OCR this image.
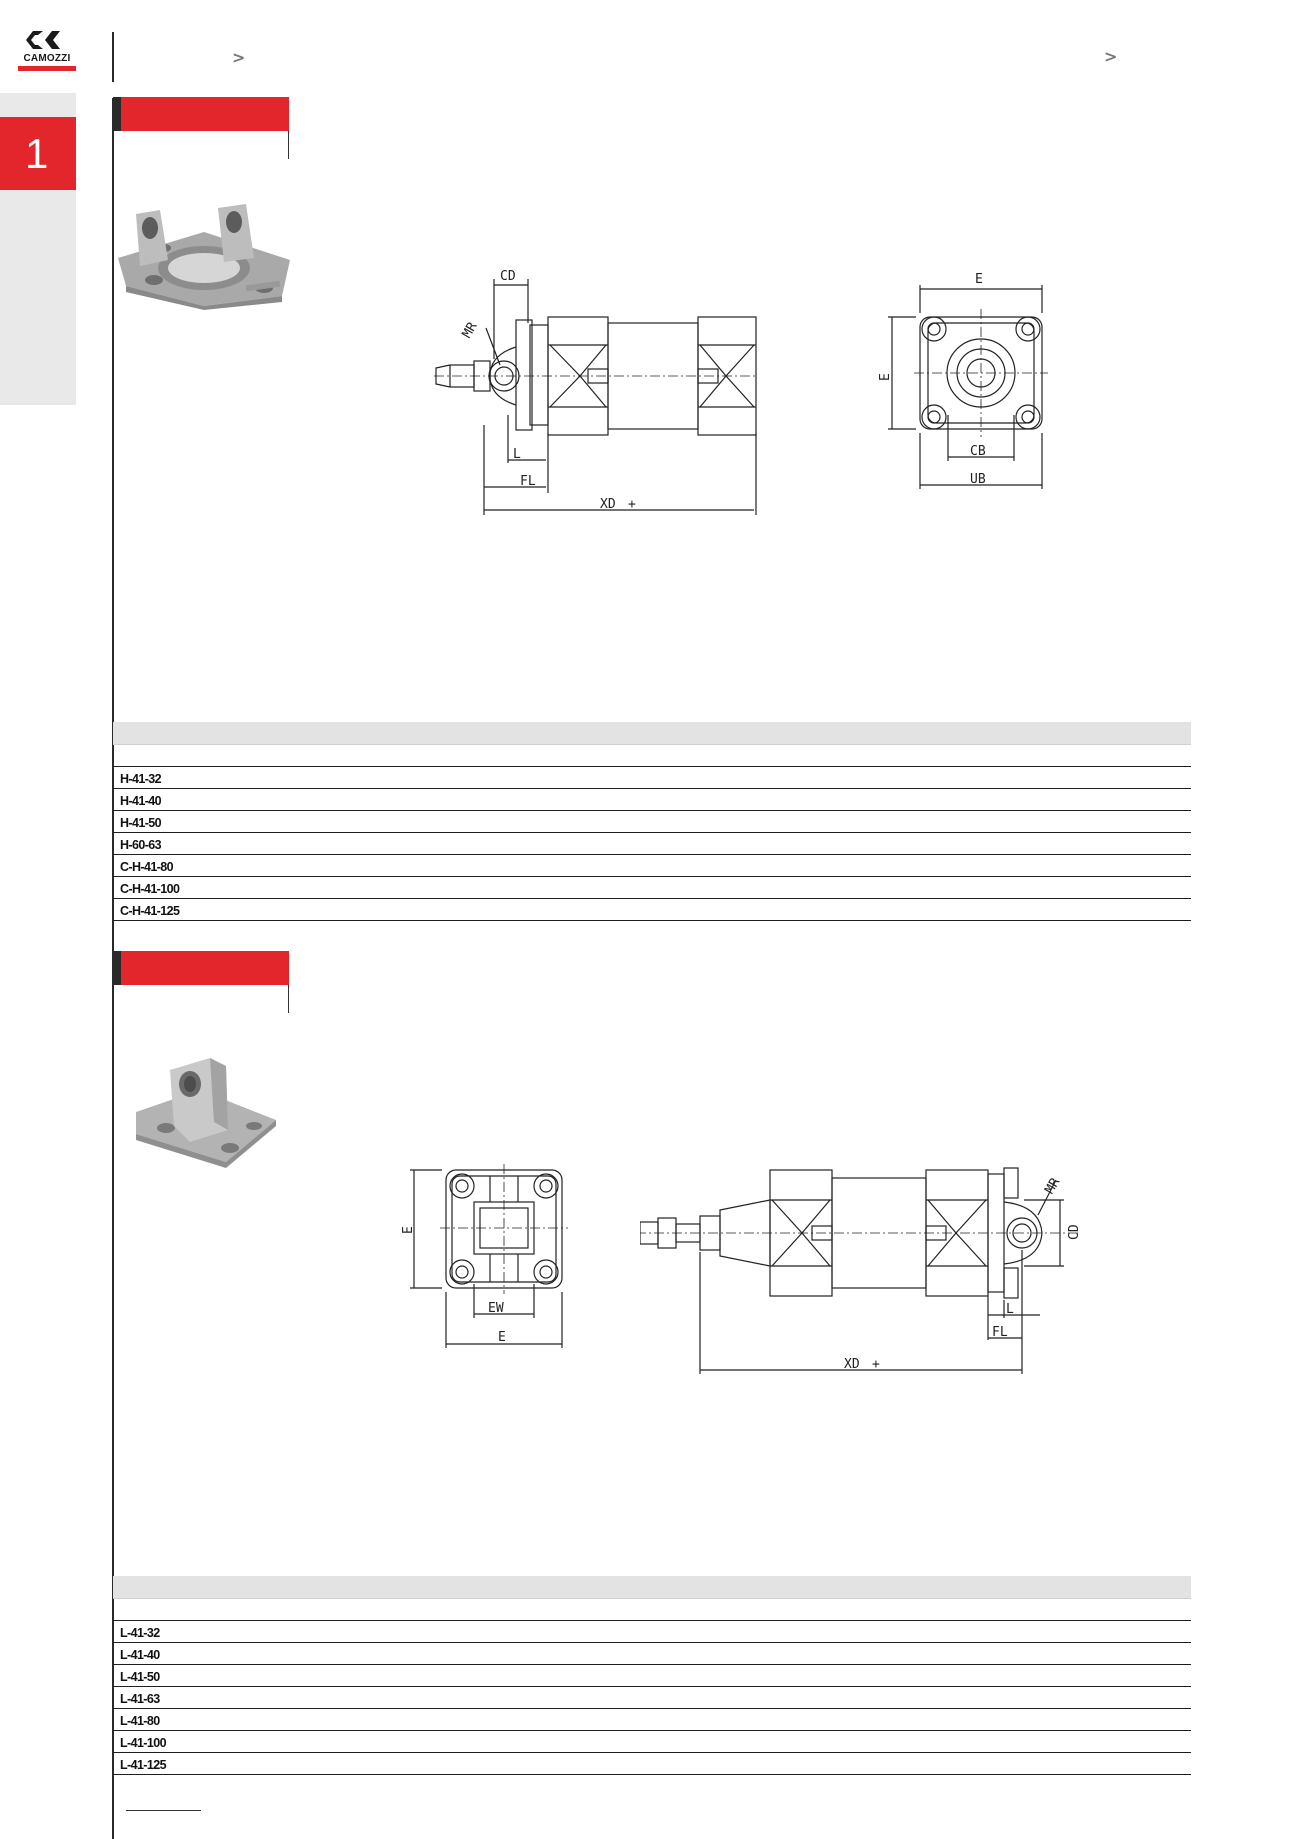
CAMOZZI
1
>	>
CD
MR
L
FL
XD +
E
E
CB
UB
H-41-32
H-41-40
H-41-50
H-60-63
C-H-41-80
C-H-41-100
C-H-41-125
E
EW
E
MR
CD
L
FL
XD +
L-41-32
L-41-40
L-41-50
L-41-63
L-41-80
L-41-100
L-41-125
